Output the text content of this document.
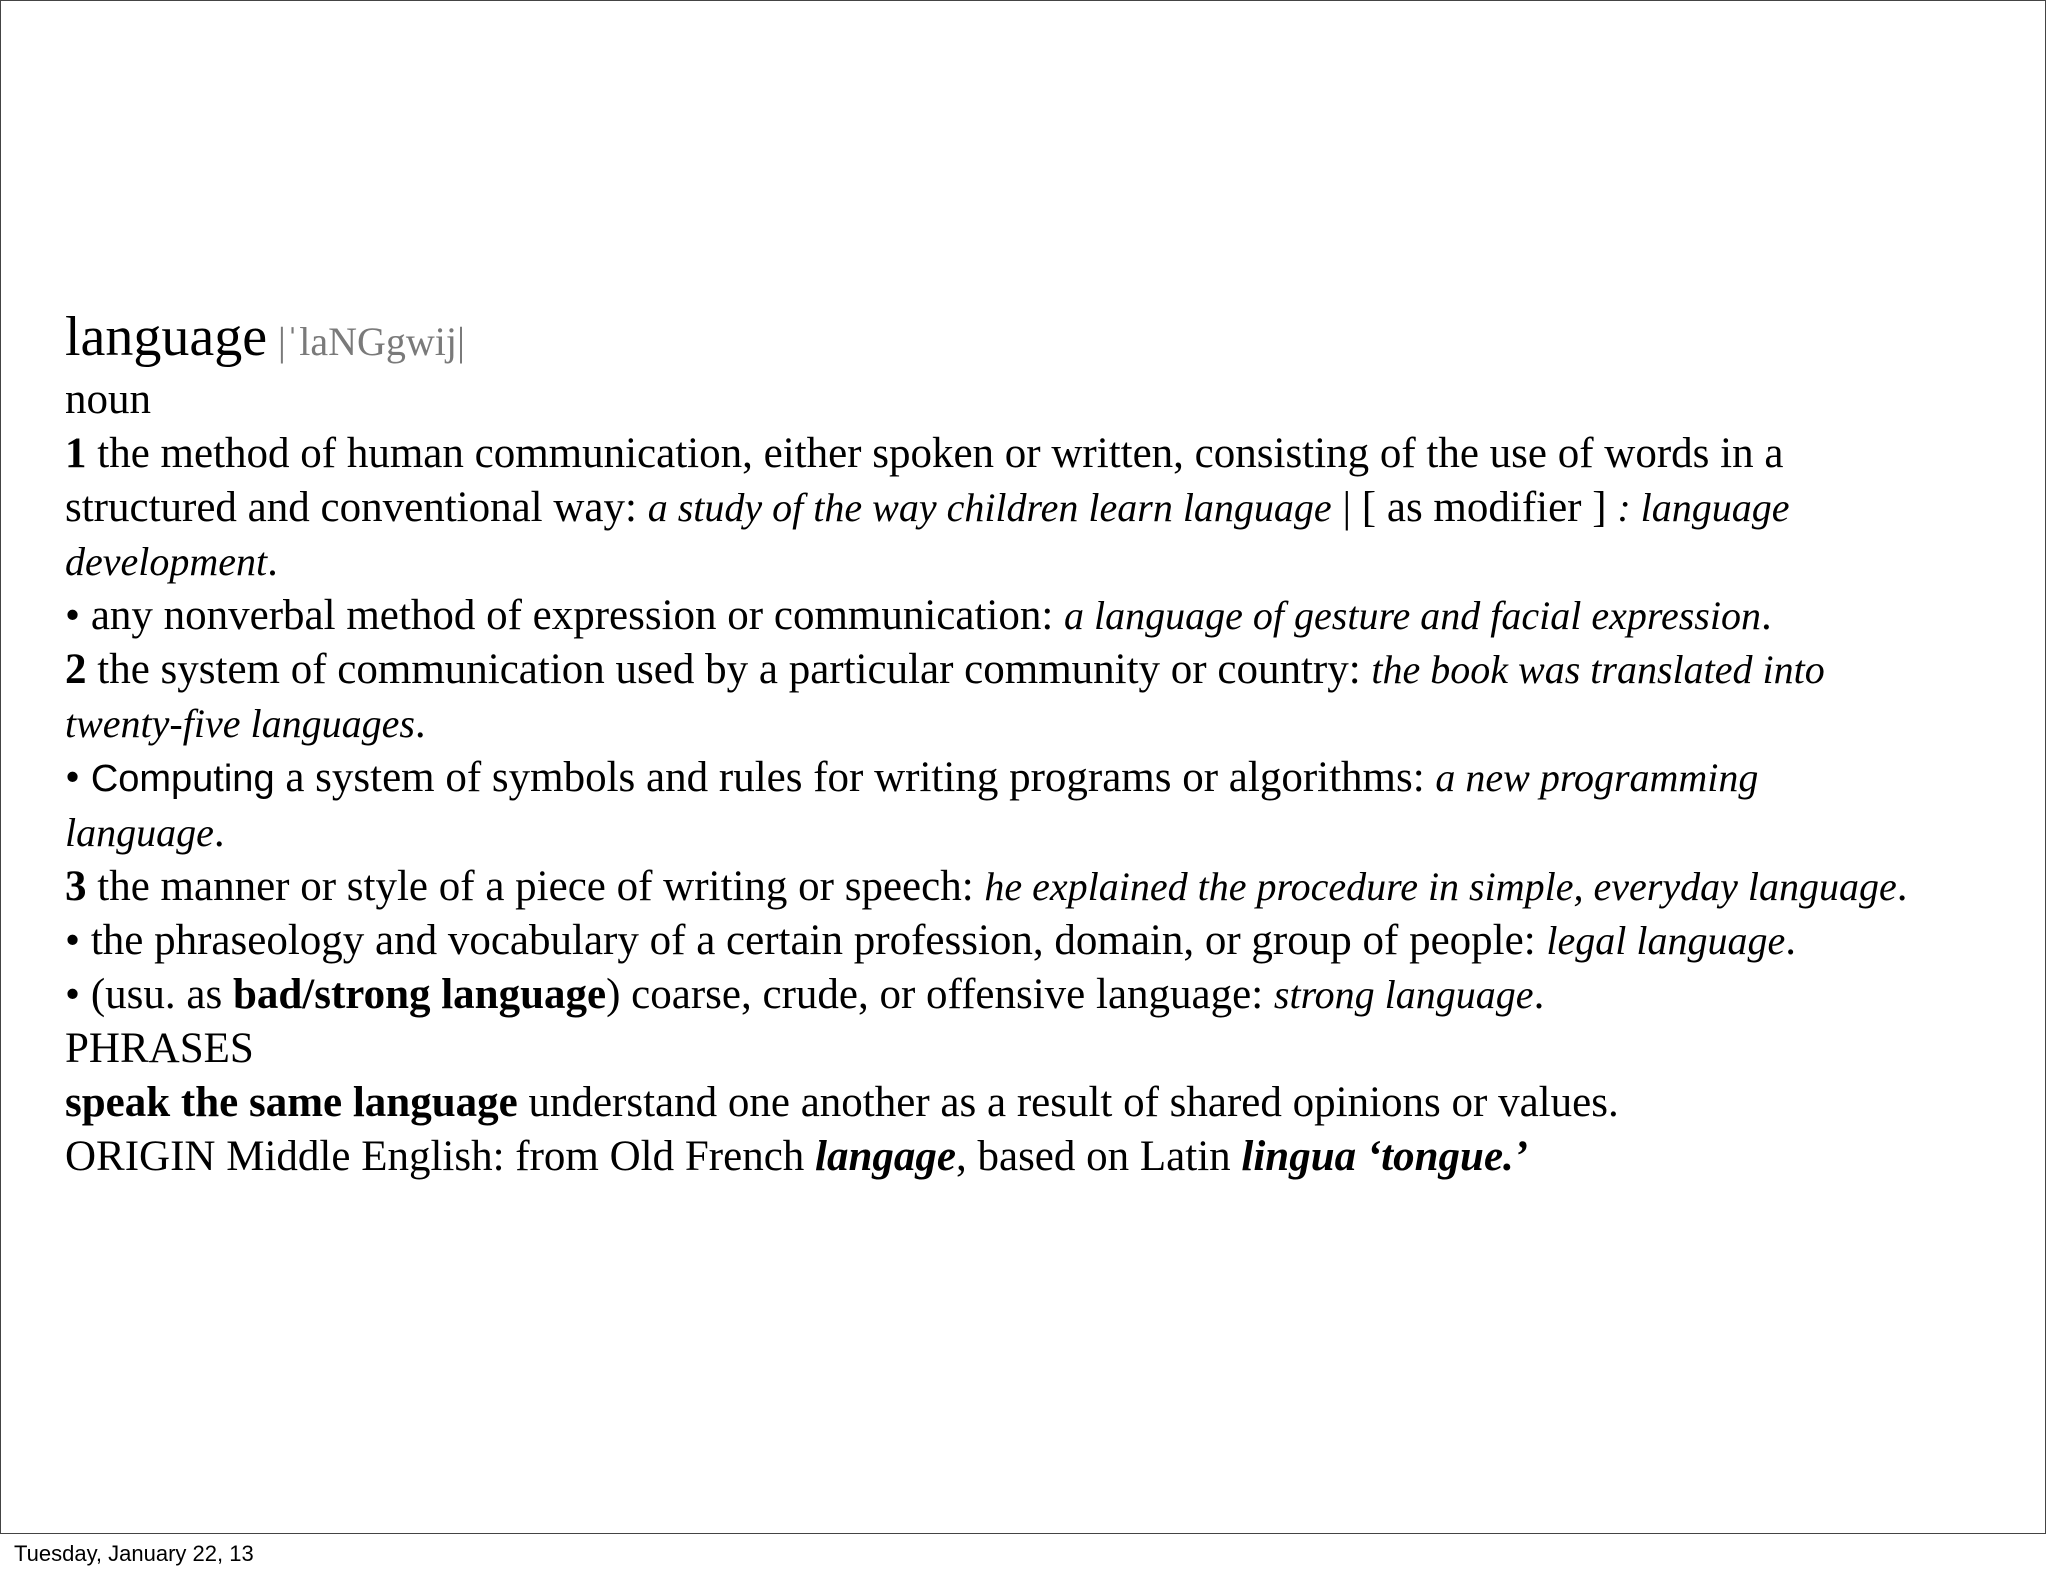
language |ˈlaNGgwij|
noun
1 the method of human communication, either spoken or written, consisting of the use of words in a
structured and conventional way: a study of the way children learn language | [ as modifier ] : language
development.
• any nonverbal method of expression or communication: a language of gesture and facial expression.
2 the system of communication used by a particular community or country: the book was translated into
twenty-five languages.
• Computing a system of symbols and rules for writing programs or algorithms: a new programming
language.
3 the manner or style of a piece of writing or speech: he explained the procedure in simple, everyday language.
• the phraseology and vocabulary of a certain profession, domain, or group of people: legal language.
• (usu. as bad/strong language) coarse, crude, or offensive language: strong language.
PHRASES
speak the same language understand one another as a result of shared opinions or values.
ORIGIN Middle English: from Old French langage, based on Latin lingua ‘tongue.’
Tuesday, January 22, 13
